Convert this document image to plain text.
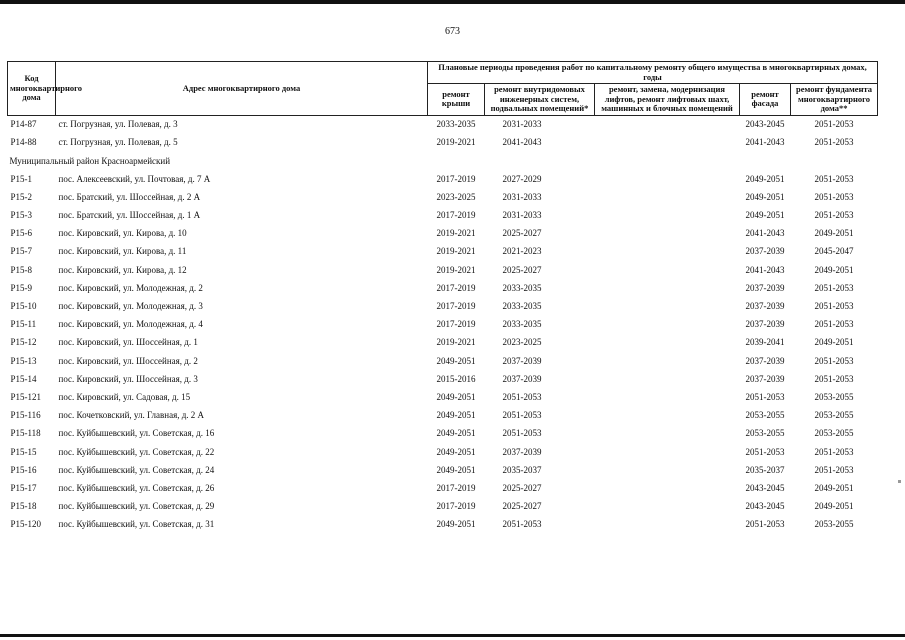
673
Код многоквартирного дома	Адрес многоквартирного дома	Плановые периоды проведения работ по капитальному ремонту общего имущества в многоквартирных домах, годы				
		ремонт крыши	ремонт внутридомовых инженерных систем, подвальных помещений*	ремонт, замена, модернизация лифтов, ремонт лифтовых шахт, машинных и блочных помещений	ремонт фасада	ремонт фундамента многоквартирного дома**
Р14-87	ст. Погрузная, ул. Полевая, д. 3	2033-2035	2031-2033		2043-2045	2051-2053
Р14-88	ст. Погрузная, ул. Полевая, д. 5	2019-2021	2041-2043		2041-2043	2051-2053
Муниципальный район Красноармейский						
Р15-1	пос. Алексеевский, ул. Почтовая, д. 7 А	2017-2019	2027-2029		2049-2051	2051-2053
Р15-2	пос. Братский, ул. Шоссейная, д. 2 А	2023-2025	2031-2033		2049-2051	2051-2053
Р15-3	пос. Братский, ул. Шоссейная, д. 1 А	2017-2019	2031-2033		2049-2051	2051-2053
Р15-6	пос. Кировский, ул. Кирова, д. 10	2019-2021	2025-2027		2041-2043	2049-2051
Р15-7	пос. Кировский, ул. Кирова, д. 11	2019-2021	2021-2023		2037-2039	2045-2047
Р15-8	пос. Кировский, ул. Кирова, д. 12	2019-2021	2025-2027		2041-2043	2049-2051
Р15-9	пос. Кировский, ул. Молодежная, д. 2	2017-2019	2033-2035		2037-2039	2051-2053
Р15-10	пос. Кировский, ул. Молодежная, д. 3	2017-2019	2033-2035		2037-2039	2051-2053
Р15-11	пос. Кировский, ул. Молодежная, д. 4	2017-2019	2033-2035		2037-2039	2051-2053
Р15-12	пос. Кировский, ул. Шоссейная, д. 1	2019-2021	2023-2025		2039-2041	2049-2051
Р15-13	пос. Кировский, ул. Шоссейная, д. 2	2049-2051	2037-2039		2037-2039	2051-2053
Р15-14	пос. Кировский, ул. Шоссейная, д. 3	2015-2016	2037-2039		2037-2039	2051-2053
Р15-121	пос. Кировский, ул. Садовая, д. 15	2049-2051	2051-2053		2051-2053	2053-2055
Р15-116	пос. Кочетковский, ул. Главная, д. 2 А	2049-2051	2051-2053		2053-2055	2053-2055
Р15-118	пос. Куйбышевский, ул. Советская, д. 16	2049-2051	2051-2053		2053-2055	2053-2055
Р15-15	пос. Куйбышевский, ул. Советская, д. 22	2049-2051	2037-2039		2051-2053	2051-2053
Р15-16	пос. Куйбышевский, ул. Советская, д. 24	2049-2051	2035-2037		2035-2037	2051-2053
Р15-17	пос. Куйбышевский, ул. Советская, д. 26	2017-2019	2025-2027		2043-2045	2049-2051
Р15-18	пос. Куйбышевский, ул. Советская, д. 29	2017-2019	2025-2027		2043-2045	2049-2051
Р15-120	пос. Куйбышевский, ул. Советская, д. 31	2049-2051	2051-2053		2051-2053	2053-2055
